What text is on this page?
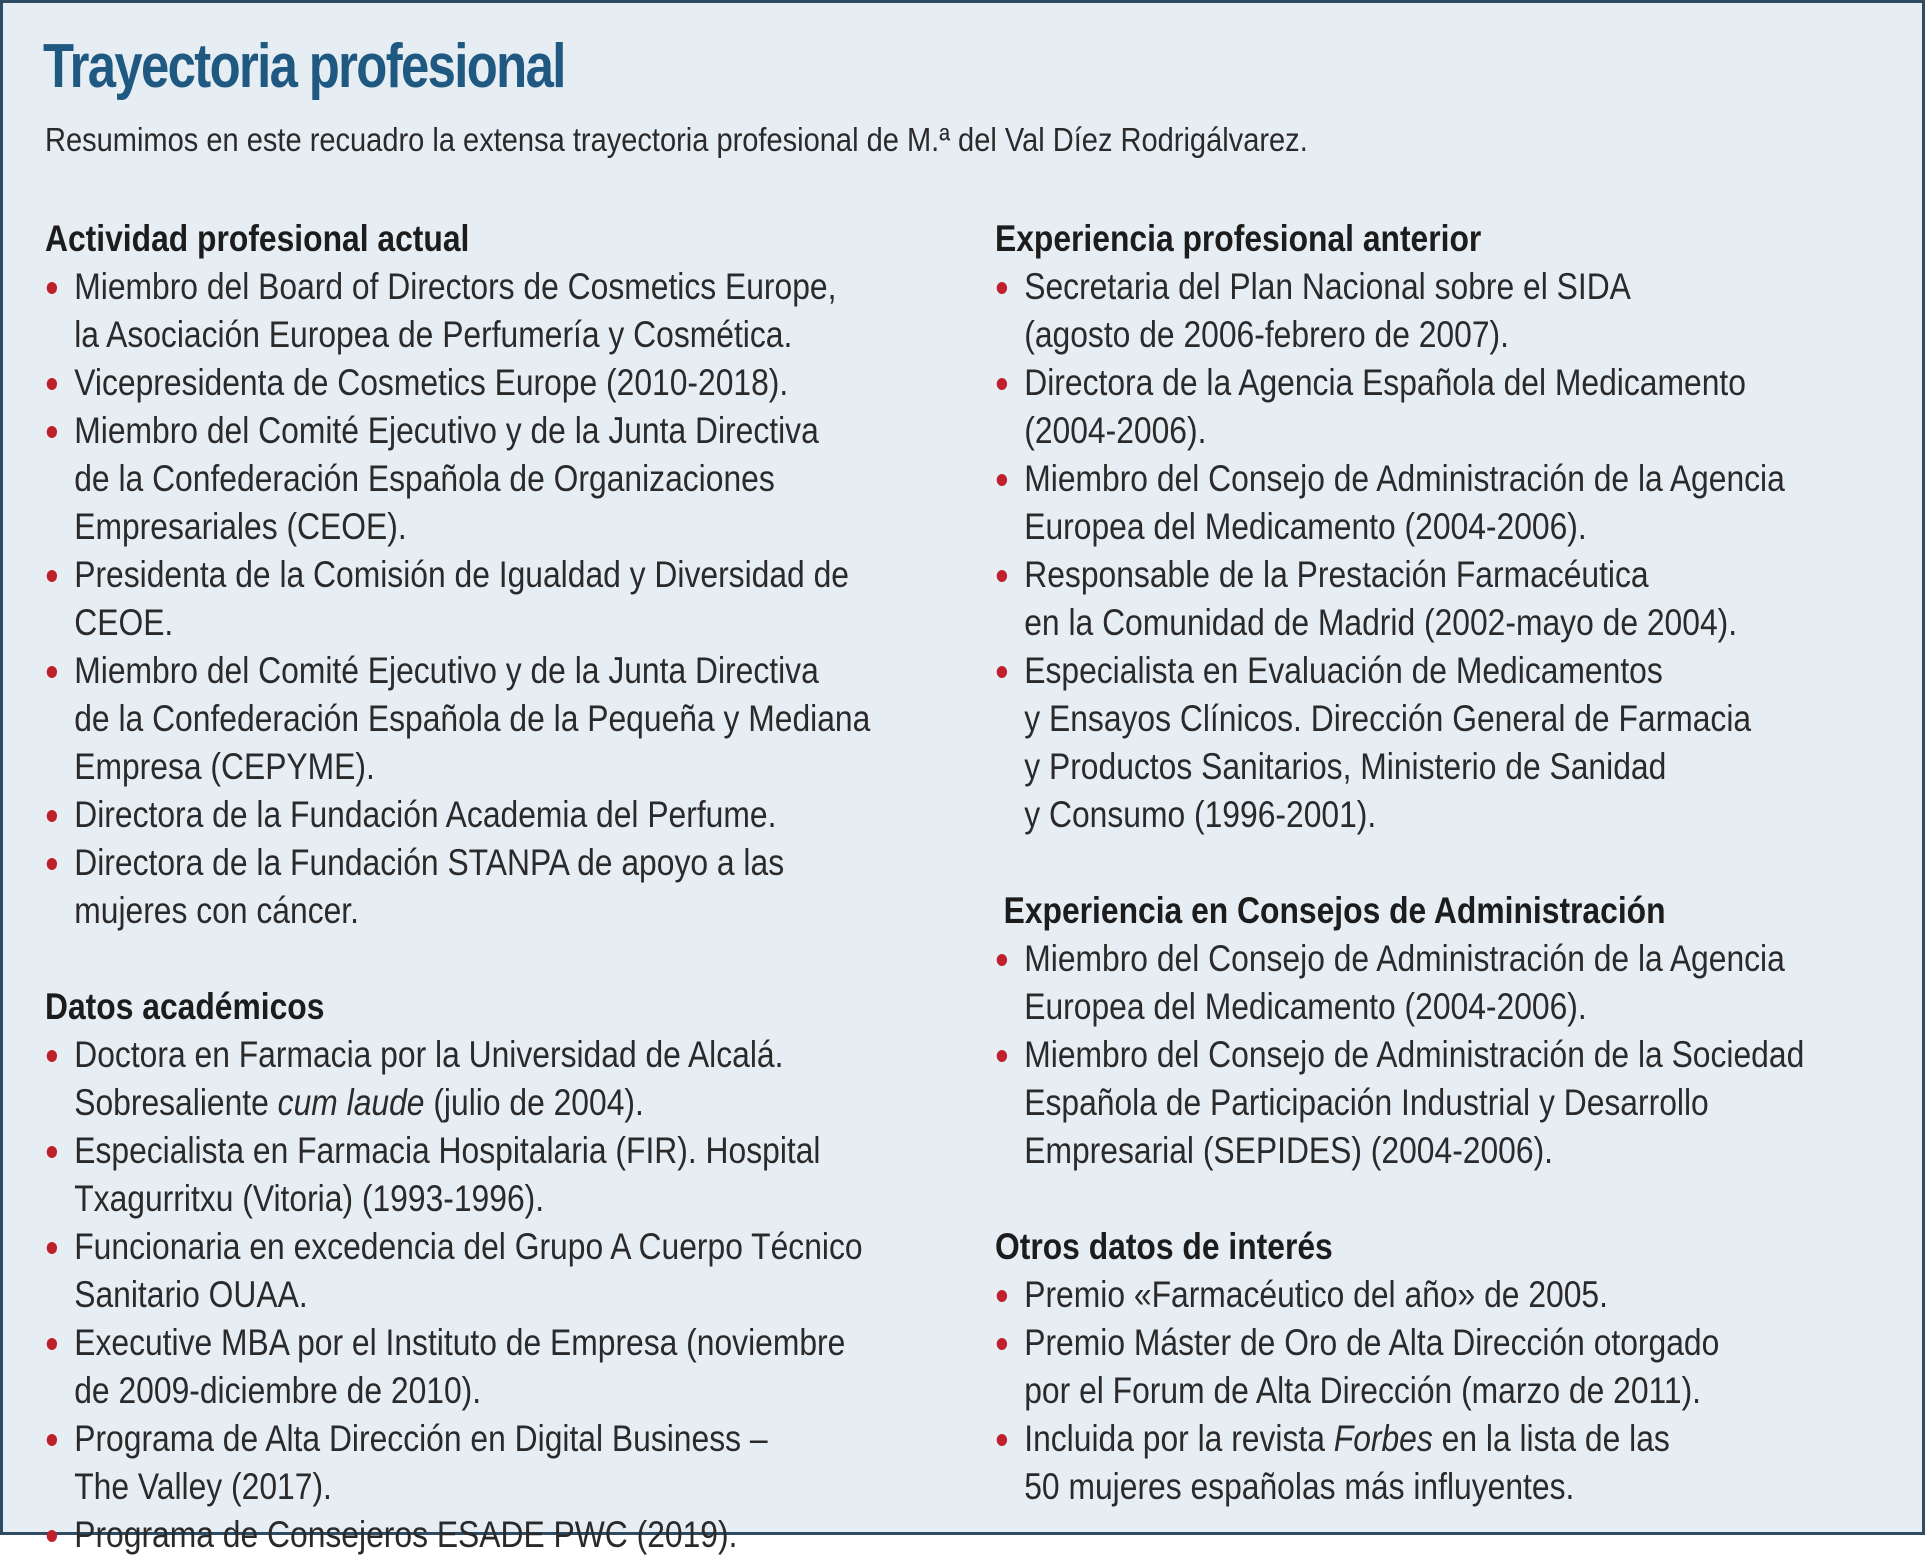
Trayectoria profesional

Resumimos en este recuadro la extensa trayectoria profesional de M.ª del Val Díez Rodrigálvarez.

Actividad profesional actual
Miembro del Board of Directors de Cosmetics Europe,
la Asociación Europea de Perfumería y Cosmética.
Vicepresidenta de Cosmetics Europe (2010-2018).
Miembro del Comité Ejecutivo y de la Junta Directiva
de la Confederación Española de Organizaciones
Empresariales (CEOE).
Presidenta de la Comisión de Igualdad y Diversidad de CEOE.
Miembro del Comité Ejecutivo y de la Junta Directiva
de la Confederación Española de la Pequeña y Mediana
Empresa (CEPYME).
Directora de la Fundación Academia del Perfume.
Directora de la Fundación STANPA de apoyo a las
mujeres con cáncer.
Datos académicos
Doctora en Farmacia por la Universidad de Alcalá.
Sobresaliente cum laude (julio de 2004).
Especialista en Farmacia Hospitalaria (FIR). Hospital
Txagurritxu (Vitoria) (1993-1996).
Funcionaria en excedencia del Grupo A Cuerpo Técnico
Sanitario OUAA.
Executive MBA por el Instituto de Empresa (noviembre
de 2009-diciembre de 2010).
Programa de Alta Dirección en Digital Business –
The Valley (2017).
Programa de Consejeros ESADE PWC (2019).
Experiencia profesional anterior
Secretaria del Plan Nacional sobre el SIDA
(agosto de 2006-febrero de 2007).
Directora de la Agencia Española del Medicamento
(2004-2006).
Miembro del Consejo de Administración de la Agencia
Europea del Medicamento (2004-2006).
Responsable de la Prestación Farmacéutica
en la Comunidad de Madrid (2002-mayo de 2004).
Especialista en Evaluación de Medicamentos
y Ensayos Clínicos. Dirección General de Farmacia
y Productos Sanitarios, Ministerio de Sanidad
y Consumo (1996-2001).
Experiencia en Consejos de Administración
Miembro del Consejo de Administración de la Agencia
Europea del Medicamento (2004-2006).
Miembro del Consejo de Administración de la Sociedad
Española de Participación Industrial y Desarrollo
Empresarial (SEPIDES) (2004-2006).
Otros datos de interés
Premio «Farmacéutico del año» de 2005.
Premio Máster de Oro de Alta Dirección otorgado
por el Forum de Alta Dirección (marzo de 2011).
Incluida por la revista Forbes en la lista de las
50 mujeres españolas más influyentes.
